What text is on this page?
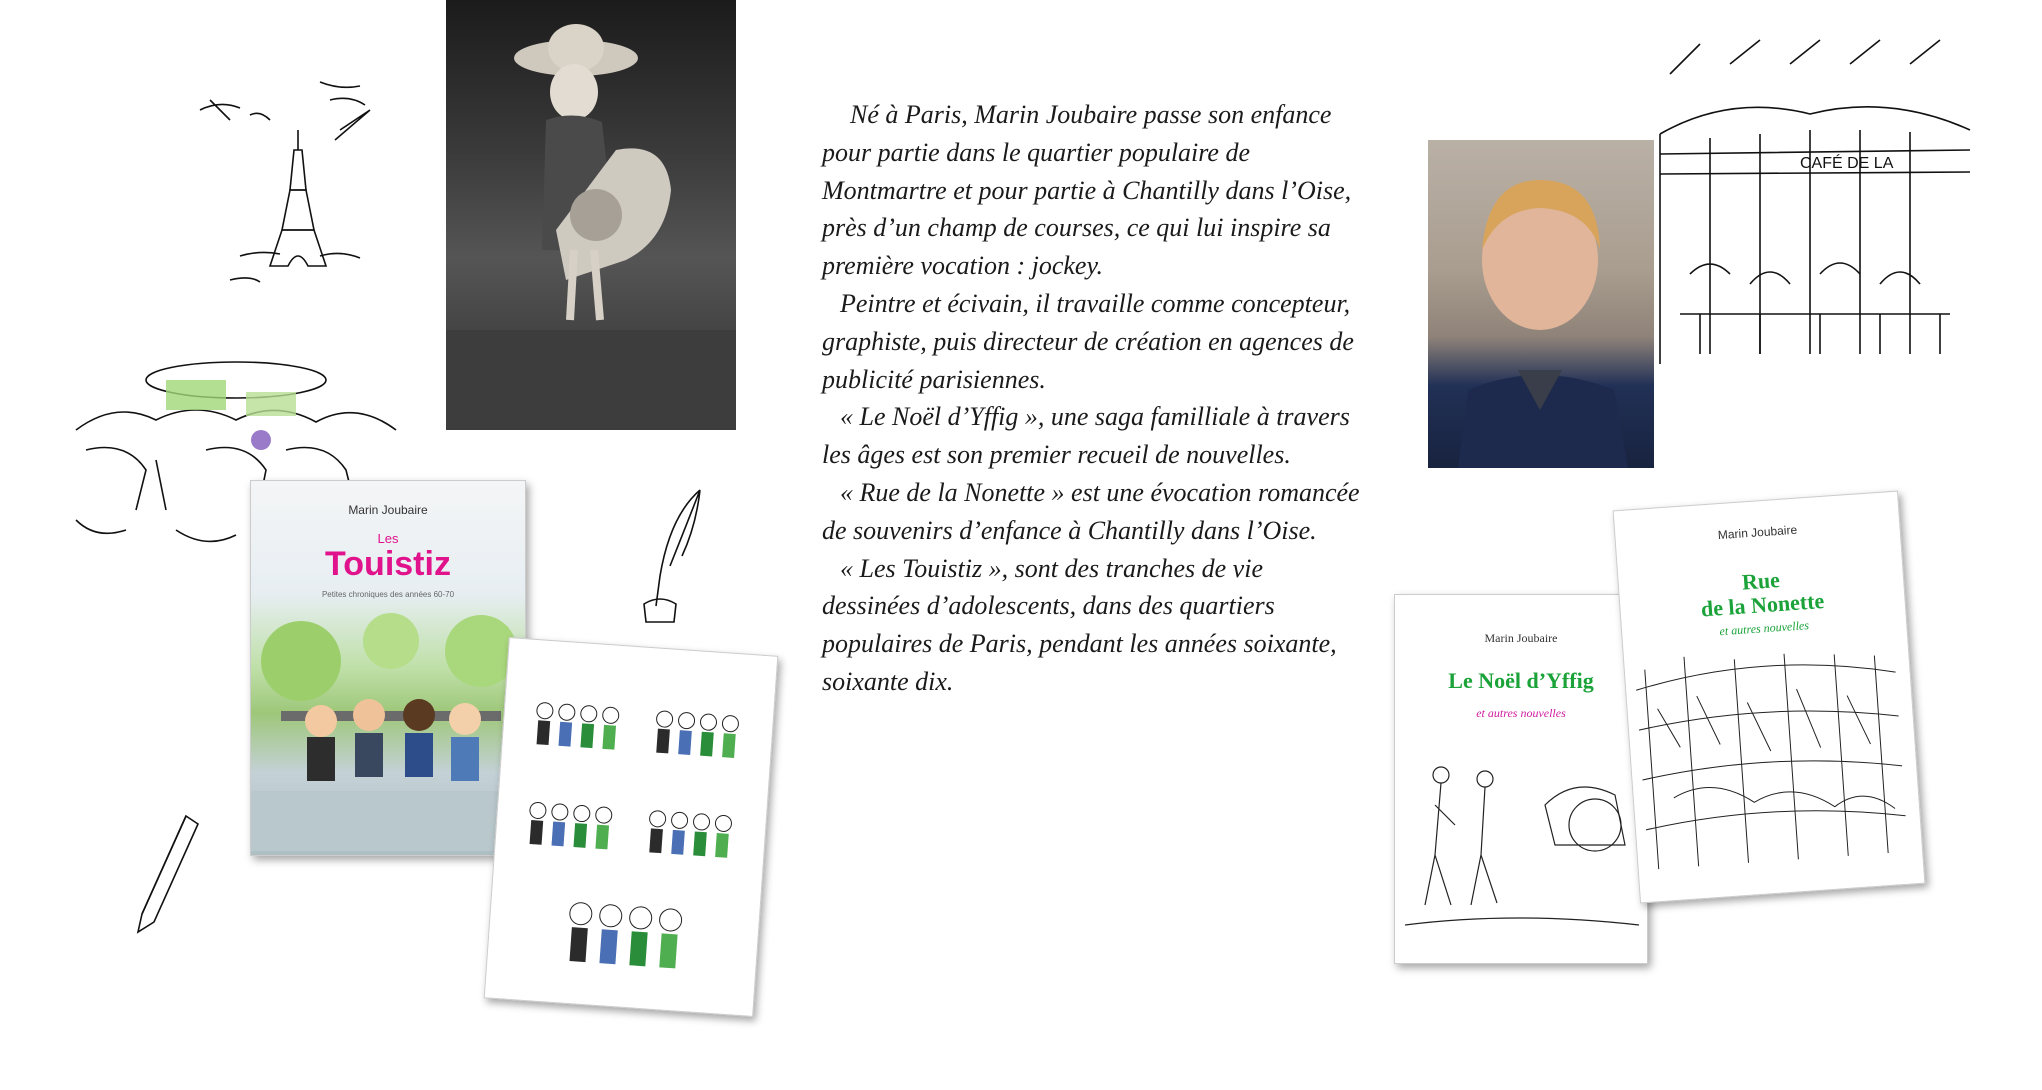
Né à Paris, Marin Joubaire passe son enfance pour partie dans le quartier populaire de Montmartre et pour partie à Chantilly dans l’Oise, près d’un champ de courses, ce qui lui inspire sa première vocation : jockey.

Peintre et écivain, il travaille comme concepteur, graphiste, puis directeur de création en agences de publicité parisiennes.

« Le Noël d’Yffig », une saga familliale à travers les âges est son premier recueil de nouvelles.

« Rue de la Nonette » est une évocation romancée de souvenirs d’enfance à Chantilly dans l’Oise.

« Les Touistiz », sont des tranches de vie dessinées d’adolescents, dans des quartiers populaires de Paris, pendant les années soixante, soixante dix.

Marin Joubaire
Les
Touistiz
Petites chroniques des années 60-70
CAFÉ DE LA
Marin Joubaire
Le Noël d’Yffig
et autres nouvelles
Marin Joubaire
Rue
de la Nonette
et autres nouvelles
